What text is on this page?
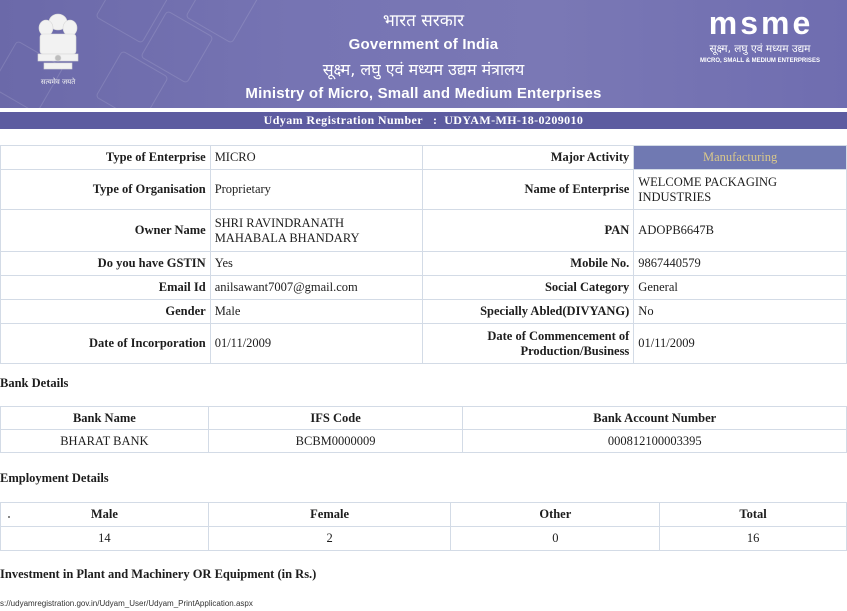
सत्यमेव जयते
भारत सरकार
Government of India
सूक्ष्म, लघु एवं मध्यम उद्यम मंत्रालय
Ministry of Micro, Small and Medium Enterprises
msme
सूक्ष्म, लघु एवं मध्यम उद्यम
MICRO, SMALL & MEDIUM ENTERPRISES
Udyam Registration Number : UDYAM-MH-18-0209010
Type of Enterprise	MICRO	Major Activity	Manufacturing
Type of Organisation	Proprietary	Name of Enterprise	WELCOME PACKAGING INDUSTRIES
Owner Name	SHRI RAVINDRANATH MAHABALA BHANDARY	PAN	ADOPB6647B
Do you have GSTIN	Yes	Mobile No.	9867440579
Email Id	anilsawant7007@gmail.com	Social Category	General
Gender	Male	Specially Abled(DIVYANG)	No
Date of Incorporation	01/11/2009	Date of Commencement of Production/Business	01/11/2009
Bank Details
Bank Name	IFS Code	Bank Account Number
BHARAT BANK	BCBM0000009	000812100003395
Employment Details
Male	Female	Other	Total
14	2	0	16
Investment in Plant and Machinery OR Equipment (in Rs.)
s://udyamregistration.gov.in/Udyam_User/Udyam_PrintApplication.aspx
